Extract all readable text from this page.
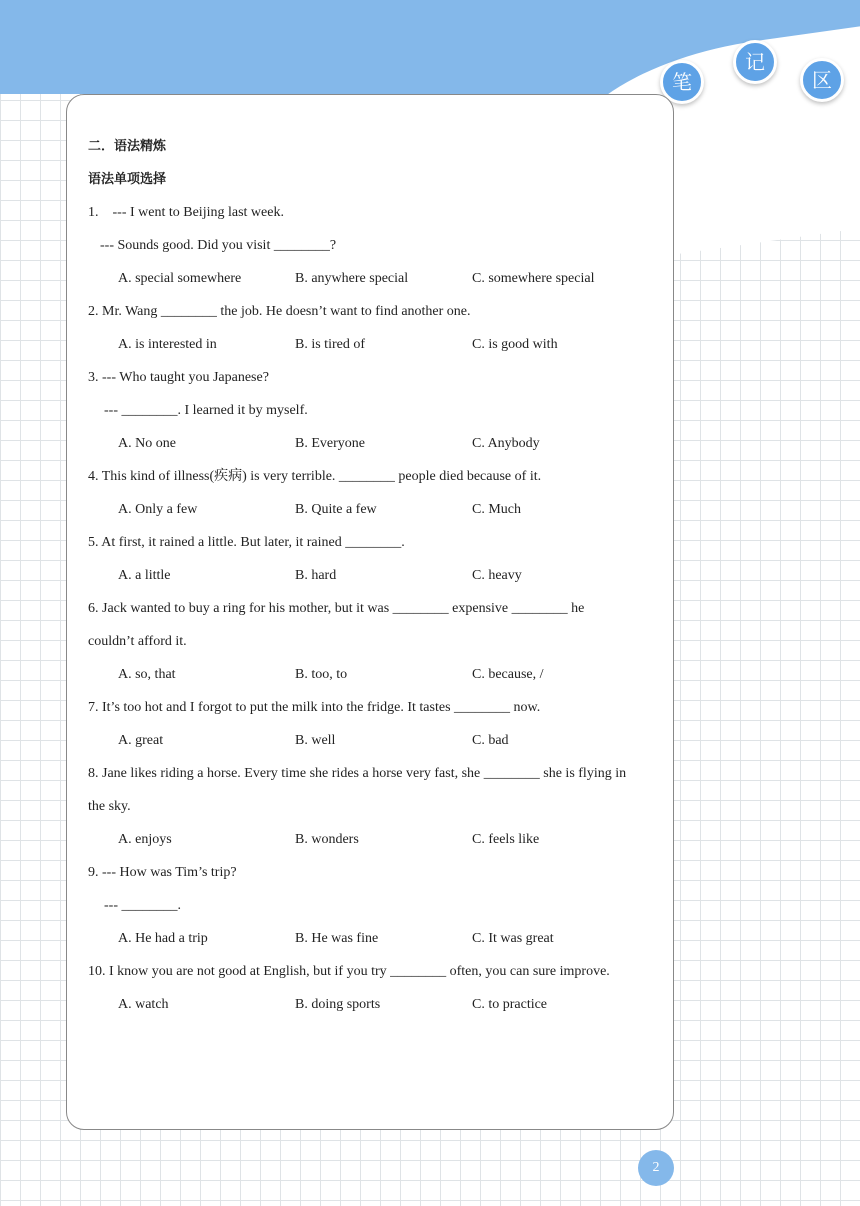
笔
记
区
二．语法精炼
语法单项选择
1.　--- I went to Beijing last week.
--- Sounds good. Did you visit ________?
A. special somewhere	B. anywhere special	C. somewhere special
2. Mr. Wang ________ the job. He doesn’t want to find another one.
A. is interested in	B. is tired of	C. is good with
3. --- Who taught you Japanese?
--- ________. I learned it by myself.
A. No one	B. Everyone	C. Anybody
4. This kind of illness(疾病) is very terrible. ________ people died because of it.
A. Only a few	B. Quite a few	C. Much
5. At first, it rained a little. But later, it rained ________.
A. a little	B. hard	C. heavy
6. Jack wanted to buy a ring for his mother, but it was ________ expensive ________ he
couldn’t afford it.
A. so, that	B. too, to	C. because, /
7. It’s too hot and I forgot to put the milk into the fridge. It tastes ________ now.
A. great	B. well	C. bad
8. Jane likes riding a horse. Every time she rides a horse very fast, she ________ she is flying in
the sky.
A. enjoys	B. wonders	C. feels like
9. --- How was Tim’s trip?
--- ________.
A. He had a trip	B. He was fine	C. It was great
10. I know you are not good at English, but if you try ________ often, you can sure improve.
A. watch	B. doing sports	C. to practice
2
